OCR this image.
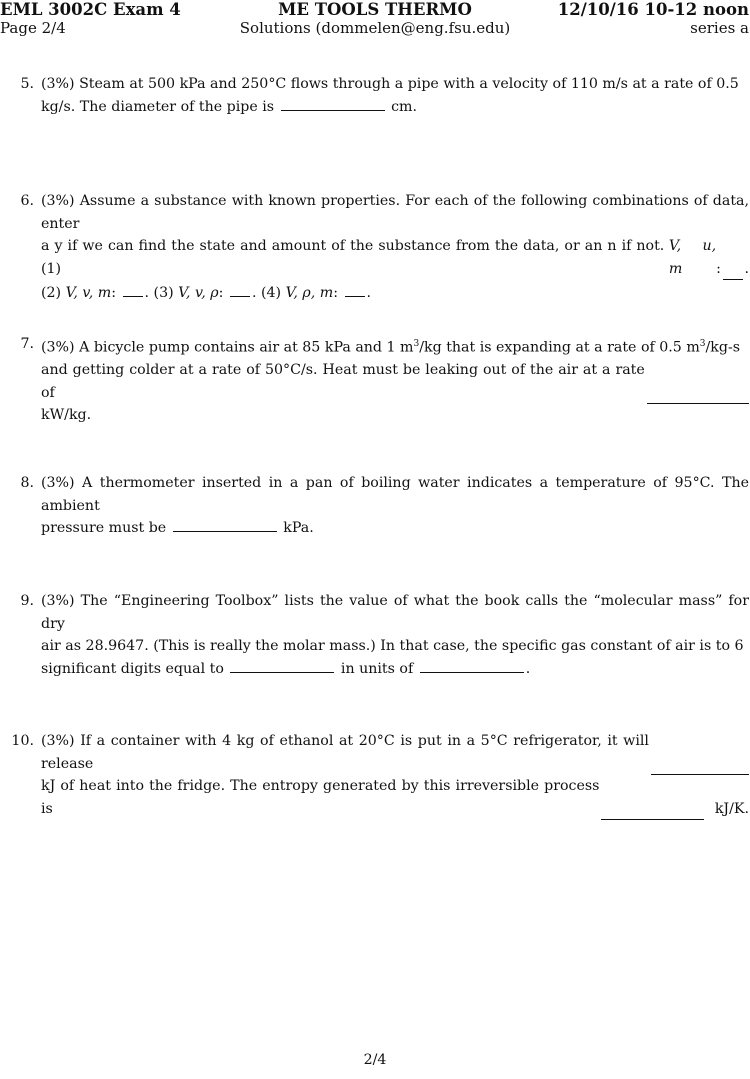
EML 3002C Exam 4	ME TOOLS THERMO	12/10/16 10-12 noon
Page 2/4	Solutions (dommelen@eng.fsu.edu)	series a
5. (3%) Steam at 500 kPa and 250°C flows through a pipe with a velocity of 110 m/s at a rate of 0.5
kg/s. The diameter of the pipe is	cm.
6. (3%) Assume a substance with known properties. For each of the following combinations of data, enter
a y if we can find the state and amount of the substance from the data, or an n if not. (1)

V, u, m	: .
(2) V, v, m: . (3) V, v, ρ: . (4) V, ρ, m: .
7. (3%) A bicycle pump contains air at 85 kPa and 1 $m^3/kg$ that is expanding at a rate of 0.5 $m^3/kg-s$
and getting colder at a rate of 50°C/s. Heat must be leaking out of the air at a rate of
kW/kg.
8. (3%) A thermometer inserted in a pan of boiling water indicates a temperature of 95°C. The ambient
pressure must be	kPa.
9. (3%) The “Engineering Toolbox” lists the value of what the book calls the “molecular mass” for dry
air as 28.9647. (This is really the molar mass.) In that case, the specific gas constant of air is to 6
significant digits equal to	in units of	.
10. (3%) If a container with 4 kg of ethanol at 20°C is put in a 5°C refrigerator, it will release
kJ of heat into the fridge. The entropy generated by this irreversible process is
	kJ/K.
2/4
